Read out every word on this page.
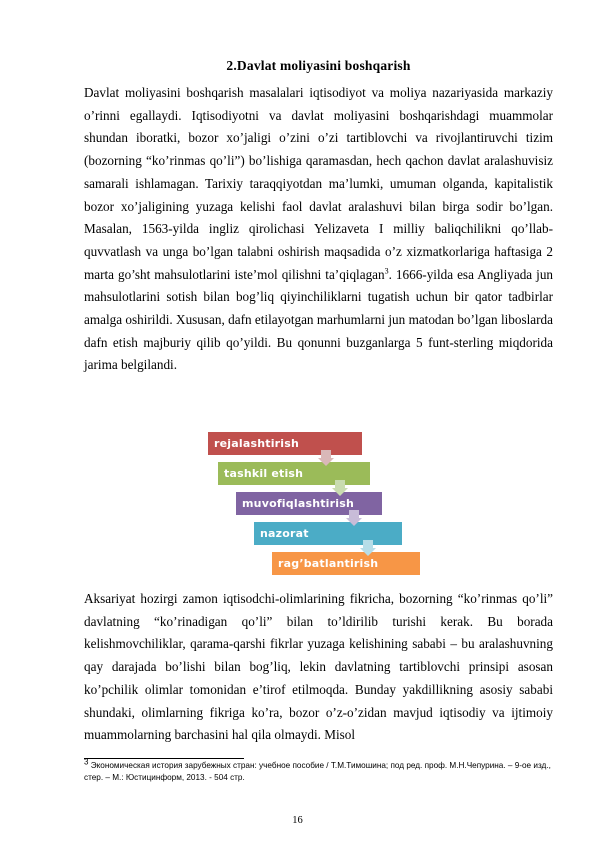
2.Davlat moliyasini boshqarish

Davlat moliyasini boshqarish masalalari iqtisodiyot va moliya nazariyasida markaziy o’rinni egallaydi. Iqtisodiyotni va davlat moliyasini boshqarishdagi muammolar shundan iboratki, bozor xo’jaligi o’zini o’zi tartiblovchi va rivojlantiruvchi tizim (bozorning “ko’rinmas qo’li”) bo’lishiga qaramasdan, hech qachon davlat aralashuvisiz samarali ishlamagan. Tarixiy taraqqiyotdan ma’lumki, umuman olganda, kapitalistik bozor xo’jaligining yuzaga kelishi faol davlat aralashuvi bilan birga sodir bo’lgan. Masalan, 1563-yilda ingliz qirolichasi Yelizaveta I milliy baliqchilikni qo’llab-quvvatlash va unga bo’lgan talabni oshirish maqsadida o’z xizmatkorlariga haftasiga 2 marta go’sht mahsulotlarini iste’mol qilishni ta’qiqlagan$^3$. 1666-yilda esa Angliyada jun mahsulotlarini sotish bilan bog’liq qiyinchiliklarni tugatish uchun bir qator tadbirlar amalga oshirildi. Xususan, dafn etilayotgan marhumlarni jun matodan bo’lgan liboslarda dafn etish majburiy qilib qo’yildi. Bu qonunni buzganlarga 5 funt-sterling miqdorida jarima belgilandi.

rejalashtirish
tashkil etish
muvofiqlashtirish
nazorat
rag’batlantirish

Aksariyat hozirgi zamon iqtisodchi-olimlarining fikricha, bozorning “ko’rinmas qo’li” davlatning “ko’rinadigan qo’li” bilan to’ldirilib turishi kerak. Bu borada kelishmovchiliklar, qarama-qarshi fikrlar yuzaga kelishining sababi – bu aralashuvning qay darajada bo’lishi bilan bog’liq, lekin davlatning tartiblovchi prinsipi asosan ko’pchilik olimlar tomonidan e’tirof etilmoqda. Bunday yakdillikning asosiy sababi shundaki, olimlarning fikriga ko’ra, bozor o’z-o’zidan mavjud iqtisodiy va ijtimoiy muammolarning barchasini hal qila olmaydi. Misol

$^3$ Экономическая история зарубежных стран: учебное пособие / Т.М.Тимошина; под ред. проф. М.Н.Чепурина. – 9-ое изд., стер. – М.: Юстицинформ, 2013. - 504 стр.
16
